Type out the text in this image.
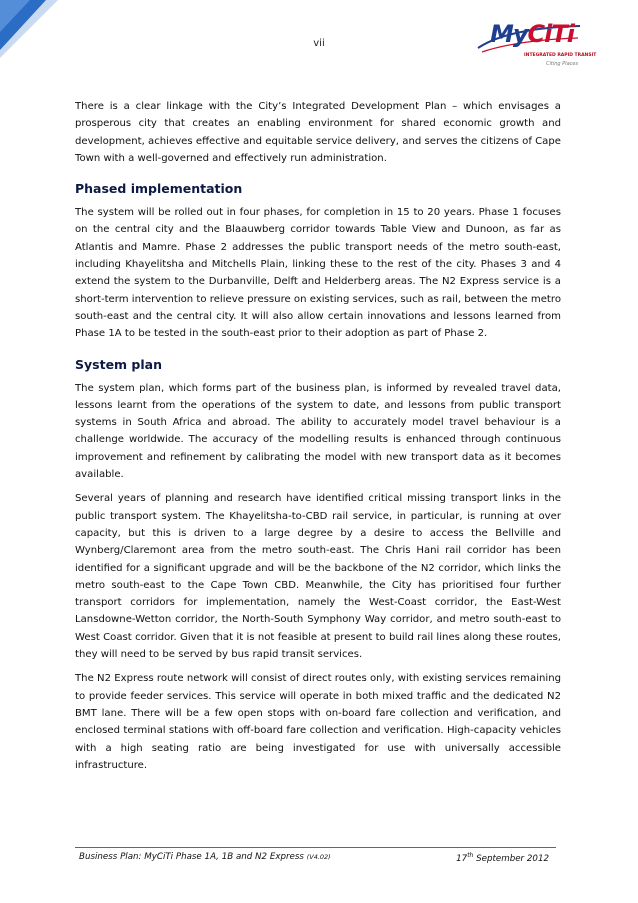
vii	MyCiTi
INTEGRATED RAPID TRANSIT
Citing Places

There is a clear linkage with the City’s Integrated Development Plan – which envisages a prosperous city that creates an enabling environment for shared economic growth and development, achieves effective and equitable service delivery, and serves the citizens of Cape Town with a well-governed and effectively run administration.

Phased implementation

The system will be rolled out in four phases, for completion in 15 to 20 years. Phase 1 focuses on the central city and the Blaauwberg corridor towards Table View and Dunoon, as far as Atlantis and Mamre. Phase 2 addresses the public transport needs of the metro south-east, including Khayelitsha and Mitchells Plain, linking these to the rest of the city. Phases 3 and 4 extend the system to the Durbanville, Delft and Helderberg areas. The N2 Express service is a short-term intervention to relieve pressure on existing services, such as rail, between the metro south-east and the central city. It will also allow certain innovations and lessons learned from Phase 1A to be tested in the south-east prior to their adoption as part of Phase 2.

System plan

The system plan, which forms part of the business plan, is informed by revealed travel data, lessons learnt from the operations of the system to date, and lessons from public transport systems in South Africa and abroad. The ability to accurately model travel behaviour is a challenge worldwide. The accuracy of the modelling results is enhanced through continuous improvement and refinement by calibrating the model with new transport data as it becomes available.

Several years of planning and research have identified critical missing transport links in the public transport system. The Khayelitsha-to-CBD rail service, in particular, is running at over capacity, but this is driven to a large degree by a desire to access the Bellville and Wynberg/Claremont area from the metro south-east. The Chris Hani rail corridor has been identified for a significant upgrade and will be the backbone of the N2 corridor, which links the metro south-east to the Cape Town CBD. Meanwhile, the City has prioritised four further transport corridors for implementation, namely the West-Coast corridor, the East-West Lansdowne-Wetton corridor, the North-South Symphony Way corridor, and metro south-east to West Coast corridor. Given that it is not feasible at present to build rail lines along these routes, they will need to be served by bus rapid transit services.

The N2 Express route network will consist of direct routes only, with existing services remaining to provide feeder services. This service will operate in both mixed traffic and the dedicated N2 BMT lane. There will be a few open stops with on-board fare collection and verification, and enclosed terminal stations with off-board fare collection and verification. High-capacity vehicles with a high seating ratio are being investigated for use with universally accessible infrastructure.

Business Plan: MyCiTi Phase 1A, 1B and N2 Express (V4.02)	17th September 2012
